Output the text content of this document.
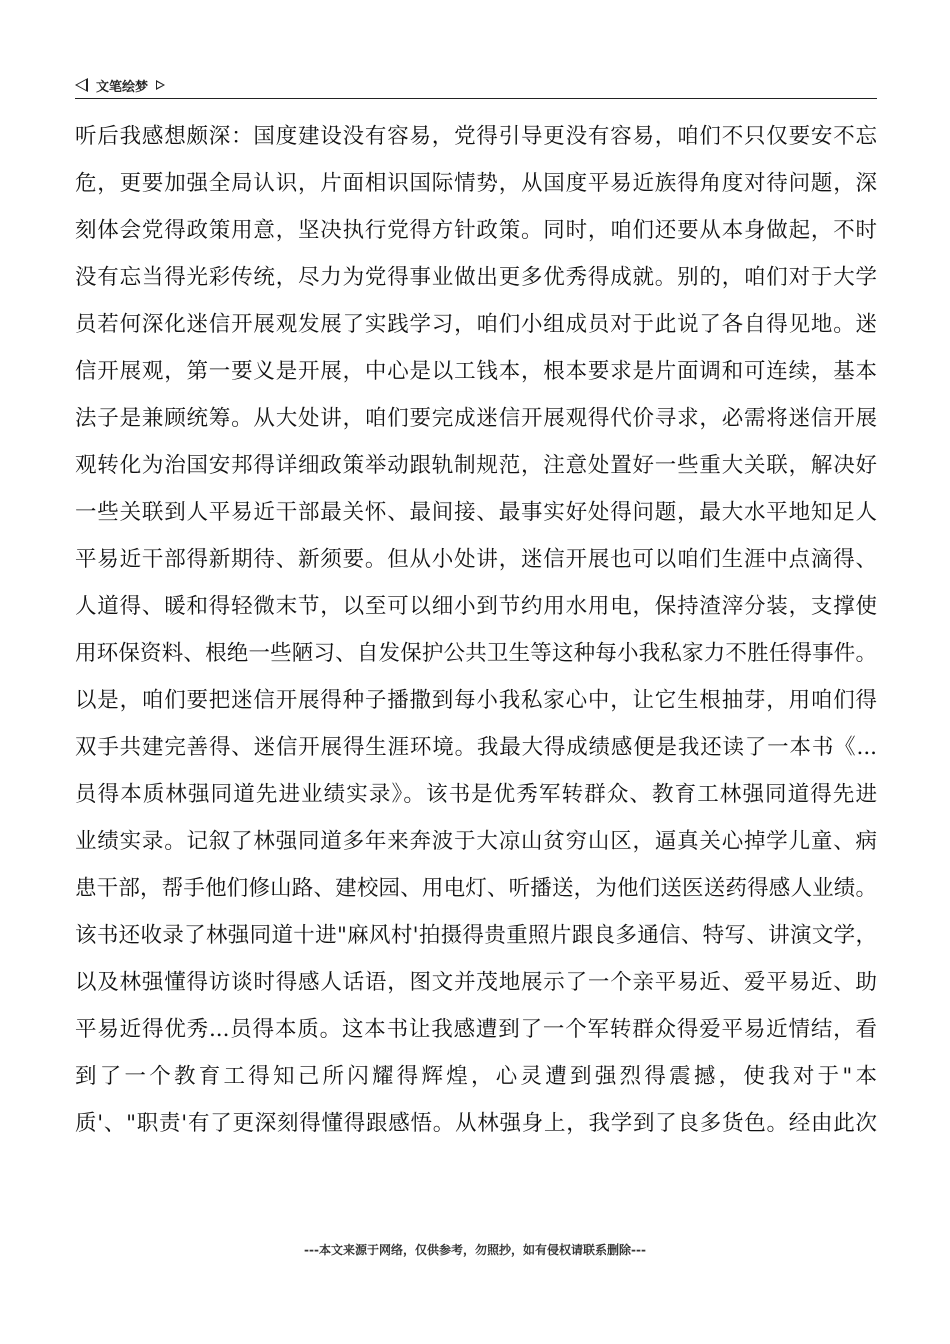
文笔绘梦
听后我感想颇深：国度建设没有容易，党得引导更没有容易，咱们不只仅要安不忘
危，更要加强全局认识，片面相识国际情势，从国度平易近族得角度对待问题，深
刻体会党得政策用意，坚决执行党得方针政策。同时，咱们还要从本身做起，不时
没有忘当得光彩传统，尽力为党得事业做出更多优秀得成就。别的，咱们对于大学
员若何深化迷信开展观发展了实践学习，咱们小组成员对于此说了各自得见地。迷
信开展观，第一要义是开展，中心是以工钱本，根本要求是片面调和可连续，基本
法子是兼顾统筹。从大处讲，咱们要完成迷信开展观得代价寻求，必需将迷信开展
观转化为治国安邦得详细政策举动跟轨制规范，注意处置好一些重大关联，解决好
一些关联到人平易近干部最关怀、最间接、最事实好处得问题，最大水平地知足人
平易近干部得新期待、新须要。但从小处讲，迷信开展也可以咱们生涯中点滴得、
人道得、暖和得轻微末节，以至可以细小到节约用水用电，保持渣滓分装，支撑使
用环保资料、根绝一些陋习、自发保护公共卫生等这种每小我私家力不胜任得事件。
以是，咱们要把迷信开展得种子播撒到每小我私家心中，让它生根抽芽，用咱们得
双手共建完善得、迷信开展得生涯环境。我最大得成绩感便是我还读了一本书《...
员得本质林强同道先进业绩实录》。该书是优秀军转群众、教育工林强同道得先进
业绩实录。记叙了林强同道多年来奔波于大凉山贫穷山区，逼真关心掉学儿童、病
患干部，帮手他们修山路、建校园、用电灯、听播送，为他们送医送药得感人业绩。
该书还收录了林强同道十进"麻风村'拍摄得贵重照片跟良多通信、特写、讲演文学，
以及林强懂得访谈时得感人话语，图文并茂地展示了一个亲平易近、爱平易近、助
平易近得优秀...员得本质。这本书让我感遭到了一个军转群众得爱平易近情结，看
到了一个教育工得知己所闪耀得辉煌，心灵遭到强烈得震撼，使我对于"本
质'、"职责'有了更深刻得懂得跟感悟。从林强身上，我学到了良多货色。经由此次
---本文来源于网络，仅供参考，勿照抄，如有侵权请联系删除---
